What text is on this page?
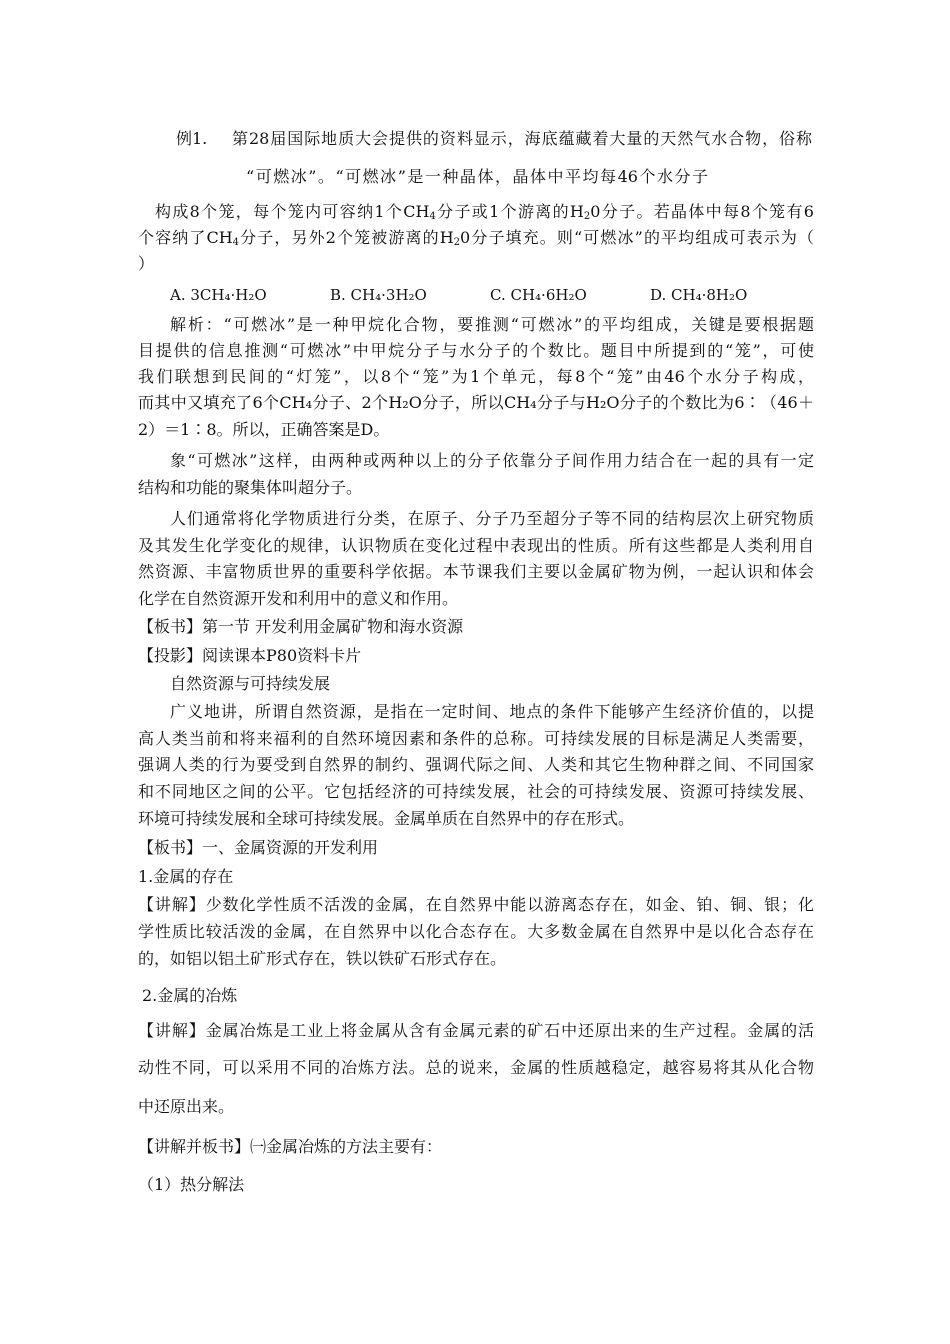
例1. 第28届国际地质大会提供的资料显示，海底蕴藏着大量的天然气水合物，俗称
“可燃冰”。“可燃冰”是一种晶体，晶体中平均每46个水分子
构成8个笼，每个笼内可容纳1个$CH_4$分子或1个游离的$H_20$分子。若晶体中每8个笼有6
个容纳了$CH_4$分子，另外2个笼被游离的$H_20$分子填充。则“可燃冰”的平均组成可表示为（
）
A. 3CH₄·H₂O	B. CH₄·3H₂O	C. CH₄·6H₂O	D. CH₄·8H₂O
解析：“可燃冰”是一种甲烷化合物，要推测“可燃冰”的平均组成，关键是要根据题
目提供的信息推测“可燃冰”中甲烷分子与水分子的个数比。题目中所提到的“笼”，可使
我们联想到民间的“灯笼”，以8个“笼”为1个单元，每8个“笼”由46个水分子构成，
而其中又填充了6个CH₄分子、2个H₂O分子，所以CH₄分子与H₂O分子的个数比为6∶（46＋
2）＝1∶8。所以，正确答案是D。
象“可燃冰”这样，由两种或两种以上的分子依靠分子间作用力结合在一起的具有一定
结构和功能的聚集体叫超分子。
人们通常将化学物质进行分类，在原子、分子乃至超分子等不同的结构层次上研究物质
及其发生化学变化的规律，认识物质在变化过程中表现出的性质。所有这些都是人类利用自
然资源、丰富物质世界的重要科学依据。本节课我们主要以金属矿物为例，一起认识和体会
化学在自然资源开发和利用中的意义和作用。
【板书】第一节 开发利用金属矿物和海水资源
【投影】阅读课本P80资料卡片
自然资源与可持续发展
广义地讲，所谓自然资源，是指在一定时间、地点的条件下能够产生经济价值的，以提
高人类当前和将来福利的自然环境因素和条件的总称。可持续发展的目标是满足人类需要，
强调人类的行为要受到自然界的制约、强调代际之间、人类和其它生物种群之间、不同国家
和不同地区之间的公平。它包括经济的可持续发展，社会的可持续发展、资源可持续发展、
环境可持续发展和全球可持续发展。金属单质在自然界中的存在形式。
【板书】一、金属资源的开发利用
1.金属的存在
【讲解】少数化学性质不活泼的金属，在自然界中能以游离态存在，如金、铂、铜、银；化
学性质比较活泼的金属，在自然界中以化合态存在。大多数金属在自然界中是以化合态存在
的，如铝以铝土矿形式存在，铁以铁矿石形式存在。
2.金属的冶炼
【讲解】金属冶炼是工业上将金属从含有金属元素的矿石中还原出来的生产过程。金属的活
动性不同，可以采用不同的冶炼方法。总的说来，金属的性质越稳定，越容易将其从化合物
中还原出来。
【讲解并板书】㈠金属冶炼的方法主要有：
（1）热分解法
